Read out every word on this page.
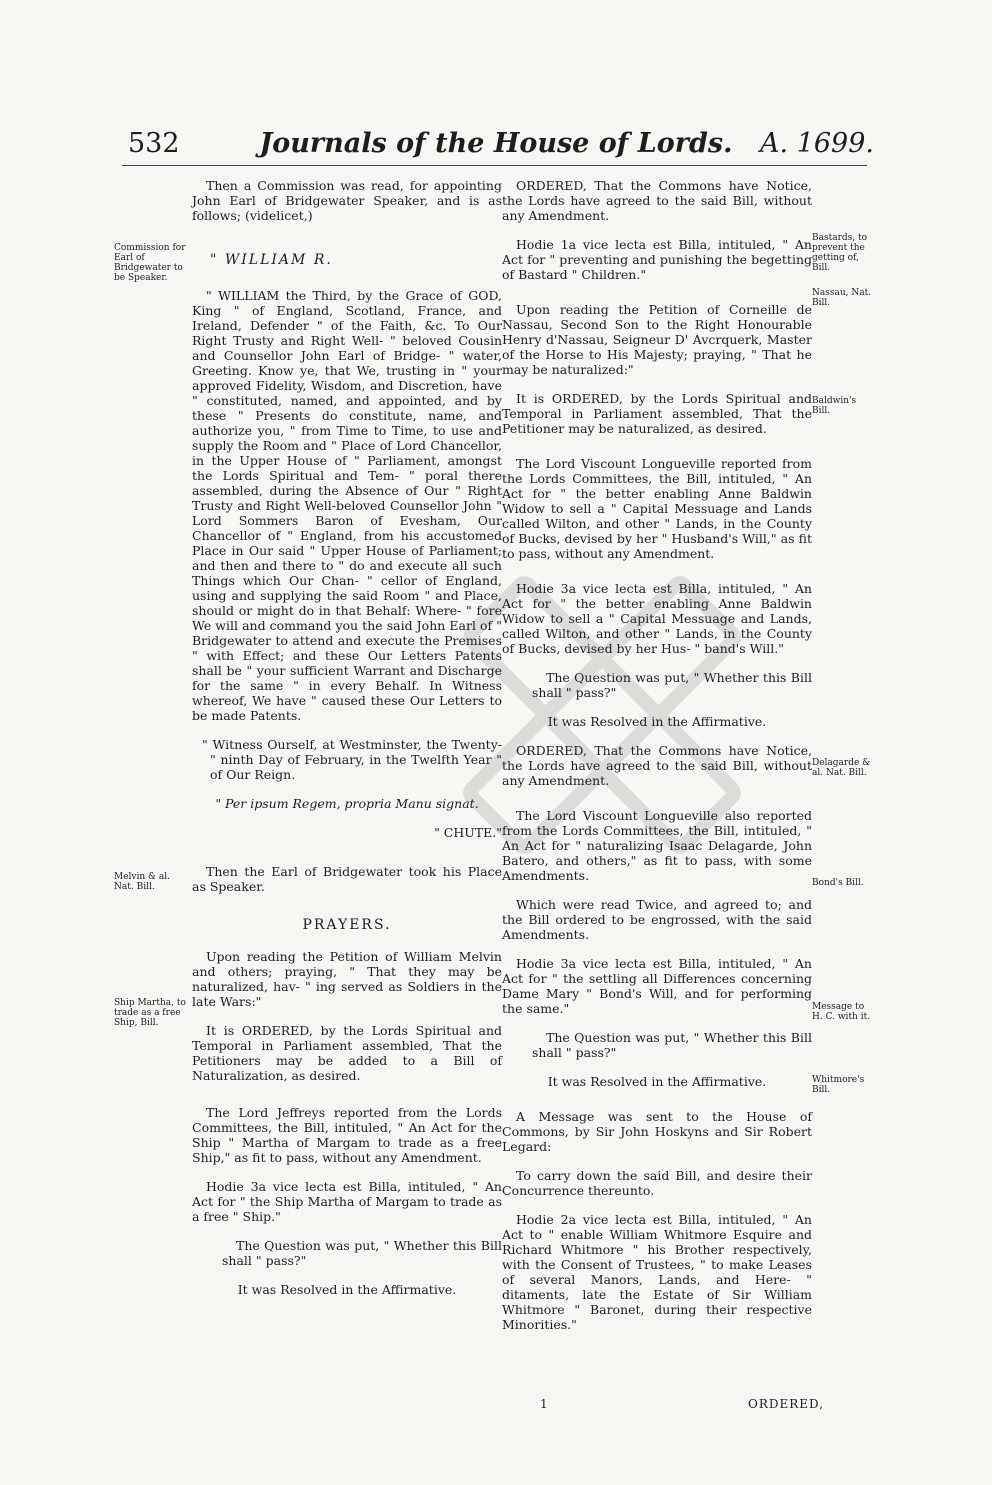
532	Journals of the House of Lords.	A. 1699.

Then a Commission was read, for appointing John Earl of Bridgewater Speaker, and is as follows; (videlicet,)

" WILLIAM R.

" WILLIAM the Third, by the Grace of GOD, King " of England, Scotland, France, and Ireland, Defender " of the Faith, &c. To Our Right Trusty and Right Well- " beloved Cousin and Counsellor John Earl of Bridge- " water, Greeting. Know ye, that We, trusting in " your approved Fidelity, Wisdom, and Discretion, have " constituted, named, and appointed, and by these " Presents do constitute, name, and authorize you, " from Time to Time, to use and supply the Room and " Place of Lord Chancellor, in the Upper House of " Parliament, amongst the Lords Spiritual and Tem- " poral there assembled, during the Absence of Our " Right Trusty and Right Well-beloved Counsellor John " Lord Sommers Baron of Evesham, Our Chancellor of " England, from his accustomed Place in Our said " Upper House of Parliament; and then and there to " do and execute all such Things which Our Chan- " cellor of England, using and supplying the said Room " and Place, should or might do in that Behalf: Where- " fore We will and command you the said John Earl of " Bridgewater to attend and execute the Premises " with Effect; and these Our Letters Patents shall be " your sufficient Warrant and Discharge for the same " in every Behalf. In Witness whereof, We have " caused these Our Letters to be made Patents.

" Witness Ourself, at Westminster, the Twenty- " ninth Day of February, in the Twelfth Year " of Our Reign.

" Per ipsum Regem, propria Manu signat.

" CHUTE."

Then the Earl of Bridgewater took his Place as Speaker.

PRAYERS.

Upon reading the Petition of William Melvin and others; praying, " That they may be naturalized, hav- " ing served as Soldiers in the late Wars:"

It is ORDERED, by the Lords Spiritual and Temporal in Parliament assembled, That the Petitioners may be added to a Bill of Naturalization, as desired.

The Lord Jeffreys reported from the Lords Committees, the Bill, intituled, " An Act for the Ship " Martha of Margam to trade as a free Ship," as fit to pass, without any Amendment.

Hodie 3a vice lecta est Billa, intituled, " An Act for " the Ship Martha of Margam to trade as a free " Ship."

The Question was put, " Whether this Bill shall " pass?"

It was Resolved in the Affirmative.

ORDERED, That the Commons have Notice, the Lords have agreed to the said Bill, without any Amendment.

Hodie 1a vice lecta est Billa, intituled, " An Act for " preventing and punishing the begetting of Bastard " Children."

Upon reading the Petition of Corneille de Nassau, Second Son to the Right Honourable Henry d'Nassau, Seigneur D' Avcrquerk, Master of the Horse to His Majesty; praying, " That he may be naturalized:"

It is ORDERED, by the Lords Spiritual and Temporal in Parliament assembled, That the Petitioner may be naturalized, as desired.

The Lord Viscount Longueville reported from the Lords Committees, the Bill, intituled, " An Act for " the better enabling Anne Baldwin Widow to sell a " Capital Messuage and Lands called Wilton, and other " Lands, in the County of Bucks, devised by her " Husband's Will," as fit to pass, without any Amendment.

Hodie 3a vice lecta est Billa, intituled, " An Act for " the better enabling Anne Baldwin Widow to sell a " Capital Messuage and Lands, called Wilton, and other " Lands, in the County of Bucks, devised by her Hus- " band's Will."

The Question was put, " Whether this Bill shall " pass?"

It was Resolved in the Affirmative.

ORDERED, That the Commons have Notice, the Lords have agreed to the said Bill, without any Amendment.

The Lord Viscount Longueville also reported from the Lords Committees, the Bill, intituled, " An Act for " naturalizing Isaac Delagarde, John Batero, and others," as fit to pass, with some Amendments.

Which were read Twice, and agreed to; and the Bill ordered to be engrossed, with the said Amendments.

Hodie 3a vice lecta est Billa, intituled, " An Act for " the settling all Differences concerning Dame Mary " Bond's Will, and for performing the same."

The Question was put, " Whether this Bill shall " pass?"

It was Resolved in the Affirmative.

A Message was sent to the House of Commons, by Sir John Hoskyns and Sir Robert Legard:

To carry down the said Bill, and desire their Concurrence thereunto.

Hodie 2a vice lecta est Billa, intituled, " An Act to " enable William Whitmore Esquire and Richard Whitmore " his Brother respectively, with the Consent of Trustees, " to make Leases of several Manors, Lands, and Here- " ditaments, late the Estate of Sir William Whitmore " Baronet, during their respective Minorities."

Commission for Earl of Bridgewater to be Speaker.
Melvin & al. Nat. Bill.
Ship Martha, to trade as a free Ship, Bill.
Bastards, to prevent the getting of, Bill.
Nassau, Nat. Bill.
Baldwin's Bill.
Delagarde & al. Nat. Bill.
Bond's Bill.
Message to H. C. with it.
Whitmore's Bill.
1	ORDERED,
